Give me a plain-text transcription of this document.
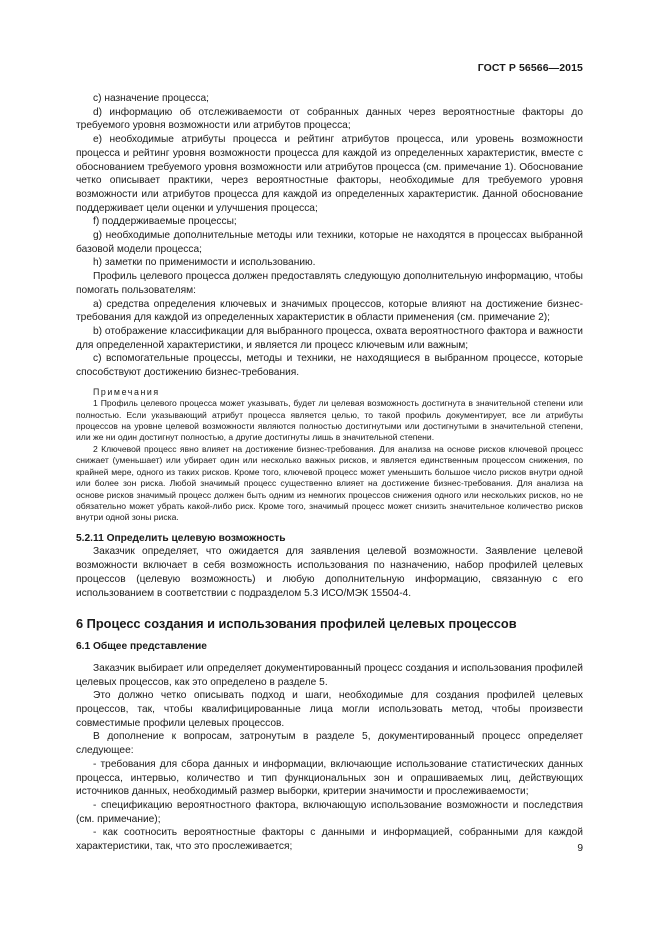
ГОСТ Р 56566—2015

c) назначение процесса;

d) информацию об отслеживаемости от собранных данных через вероятностные факторы до требуемого уровня возможности или атрибутов процесса;

e) необходимые атрибуты процесса и рейтинг атрибутов процесса, или уровень возможности процесса и рейтинг уровня возможности процесса для каждой из определенных характеристик, вместе с обоснованием требуемого уровня возможности или атрибутов процесса (см. примечание 1). Обоснование четко описывает практики, через вероятностные факторы, необходимые для требуемого уровня возможности или атрибутов процесса для каждой из определенных характеристик. Данной обоснование поддерживает цели оценки и улучшения процесса;

f) поддерживаемые процессы;

g) необходимые дополнительные методы или техники, которые не находятся в процессах выбранной базовой модели процесса;

h) заметки по применимости и использованию.

Профиль целевого процесса должен предоставлять следующую дополнительную информацию, чтобы помогать пользователям:

a) средства определения ключевых и значимых процессов, которые влияют на достижение бизнес-требования для каждой из определенных характеристик в области применения (см. примечание 2);

b) отображение классификации для выбранного процесса, охвата вероятностного фактора и важности для определенной характеристики, и является ли процесс ключевым или важным;

c) вспомогательные процессы, методы и техники, не находящиеся в выбранном процессе, которые способствуют достижению бизнес-требования.

Примечания

1 Профиль целевого процесса может указывать, будет ли целевая возможность достигнута в значительной степени или полностью. Если указывающий атрибут процесса является целью, то такой профиль документирует, все ли атрибуты процессов на уровне целевой возможности являются полностью достигнутыми или достигнутыми в значительной степени, или же ни один достигнут полностью, а другие достигнуты лишь в значительной степени.

2 Ключевой процесс явно влияет на достижение бизнес-требования. Для анализа на основе рисков ключевой процесс снижает (уменьшает) или убирает один или несколько важных рисков, и является единственным процессом снижения, по крайней мере, одного из таких рисков. Кроме того, ключевой процесс может уменьшить большое число рисков внутри одной или более зон риска. Любой значимый процесс существенно влияет на достижение бизнес-требования. Для анализа на основе рисков значимый процесс должен быть одним из немногих процессов снижения одного или нескольких рисков, но не обязательно может убрать какой-либо риск. Кроме того, значимый процесс может снизить значительное количество рисков внутри одной зоны риска.

5.2.11 Определить целевую возможность

Заказчик определяет, что ожидается для заявления целевой возможности. Заявление целевой возможности включает в себя возможность использования по назначению, набор профилей целевых процессов (целевую возможность) и любую дополнительную информацию, связанную с его использованием в соответствии с подразделом 5.3 ИСО/МЭК 15504-4.

6 Процесс создания и использования профилей целевых процессов
6.1 Общее представление

Заказчик выбирает или определяет документированный процесс создания и использования профилей целевых процессов, как это определено в разделе 5.

Это должно четко описывать подход и шаги, необходимые для создания профилей целевых процессов, так, чтобы квалифицированные лица могли использовать метод, чтобы произвести совместимые профили целевых процессов.

В дополнение к вопросам, затронутым в разделе 5, документированный процесс определяет следующее:

- требования для сбора данных и информации, включающие использование статистических данных процесса, интервью, количество и тип функциональных зон и опрашиваемых лиц, действующих источников данных, необходимый размер выборки, критерии значимости и прослеживаемости;

- спецификацию вероятностного фактора, включающую использование возможности и последствия (см. примечание);

- как соотносить вероятностные факторы с данными и информацией, собранными для каждой характеристики, так, что это прослеживается;	9
